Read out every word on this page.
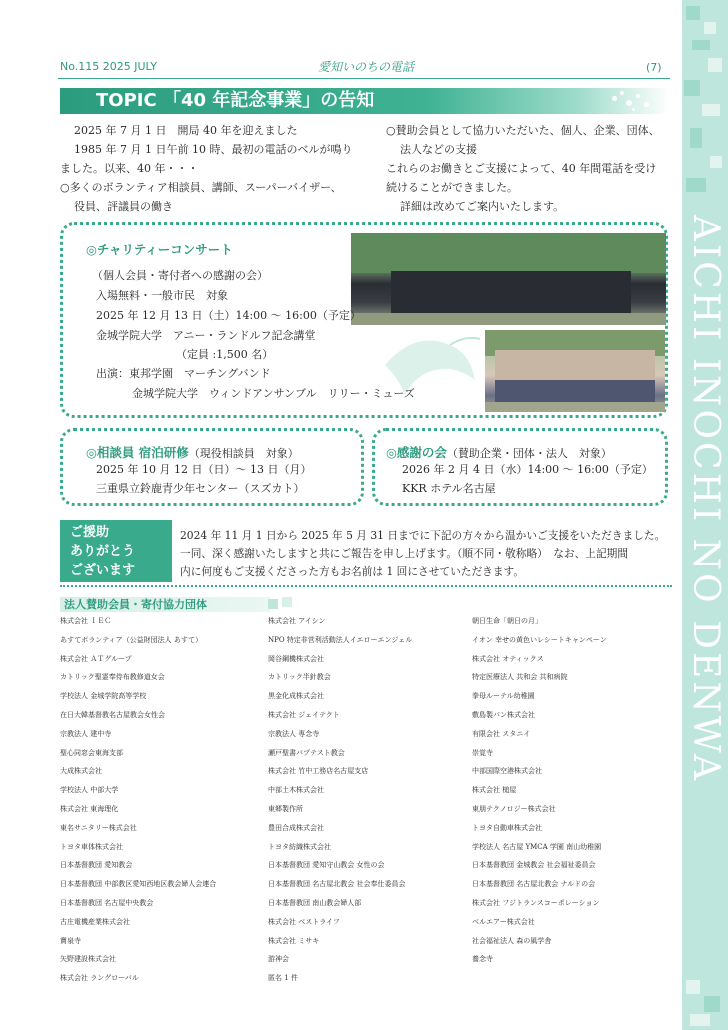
AICHI INOCHI NO DENWA
No.115 2025 JULY	愛知いのちの電話	(7)
TOPIC 「40 年記念事業」の告知
2025 年 7 月 1 日　開局 40 年を迎えました
1985 年 7 月 1 日午前 10 時、最初の電話のベルが鳴り
ました。以来、40 年・・・
○多くのボランティア相談員、講師、スーパーバイザー、
役員、評議員の働き
○賛助会員として協力いただいた、個人、企業、団体、
法人などの支援
これらのお働きとご支援によって、40 年間電話を受け
続けることができました。
詳細は改めてご案内いたします。
◎チャリティーコンサート
（個人会員・寄付者への感謝の会）
入場無料・一般市民　対象
2025 年 12 月 13 日（土）14:00 ～ 16:00（予定）
金城学院大学　アニー・ランドルフ記念講堂
（定員 :1,500 名）
出演：東邦学園　マーチングバンド
金城学院大学　ウィンドアンサンブル　リリー・ミューズ
◎相談員 宿泊研修（現役相談員　対象）
2025 年 10 月 12 日（日）～ 13 日（月）
三重県立鈴鹿青少年センター（スズカト）
◎感謝の会（賛助企業・団体・法人　対象）
2026 年 2 月 4 日（水）14:00 ～ 16:00（予定）
KKR ホテル名古屋
ご援助
ありがとう
ございます
2024 年 11 月 1 日から 2025 年 5 月 31 日までに下記の方々から温かいご支援をいただきました。
一同、深く感謝いたしますと共にご報告を申し上げます。（順不同・敬称略）　なお、上記期間
内に何度もご支援くださった方もお名前は 1 回にさせていただきます。
法人賛助会員・寄付協力団体
株式会社 ＩＥＣ
あすてボランティア（公益財団法人 あすて）
株式会社 ＡＴグループ
カトリック聖霊奉侍布教修道女会
学校法人 金城学院高等学校
在日大韓基督教名古屋教会女性会
宗教法人 建中寺
聖心同窓会東海支部
大成株式会社
学校法人 中部大学
株式会社 東海理化
東名サニタリー株式会社
トヨタ車体株式会社
日本基督教団 愛知教会
日本基督教団 中部教区愛知西地区教会婦人会連合
日本基督教団 名古屋中央教会
古庄電機産業株式会社
寶泉寺
矢野建設株式会社
株式会社 ラングローバル
株式会社 アイシン
NPO 特定非営利活動法人イエローエンジェル
岡谷鋼機株式会社
カトリック半針教会
黒金化成株式会社
株式会社 ジェイテクト
宗教法人 専念寺
瀬戸聖書バプテスト教会
株式会社 竹中工務店名古屋支店
中部土木株式会社
東郷製作所
豊田合成株式会社
トヨタ紡織株式会社
日本基督教団 愛知守山教会 女性の会
日本基督教団 名古屋北教会 社会奉仕委員会
日本基督教団 南山教会婦人部
株式会社 ベストライフ
株式会社 ミサキ
游神会
匿名 1 件
朝日生命「朝日の月」
イオン 幸せの黄色いレシートキャンペーン
株式会社 オティックス
特定医療法人 共和会 共和病院
拳母ルーテル幼稚園
敷島製パン株式会社
有限会社 スタニイ
崇覚寺
中部国際空港株式会社
株式会社 槌屋
東朋テクノロジー株式会社
トヨタ自動車株式会社
学校法人 名古屋 YMCA 学園 南山幼稚園
日本基督教団 金城教会 社会福祉委員会
日本基督教団 名古屋北教会 ナルドの会
株式会社 フジトランスコーポレーション
ベルエアー株式会社
社会福祉法人 森の風学舎
養念寺
